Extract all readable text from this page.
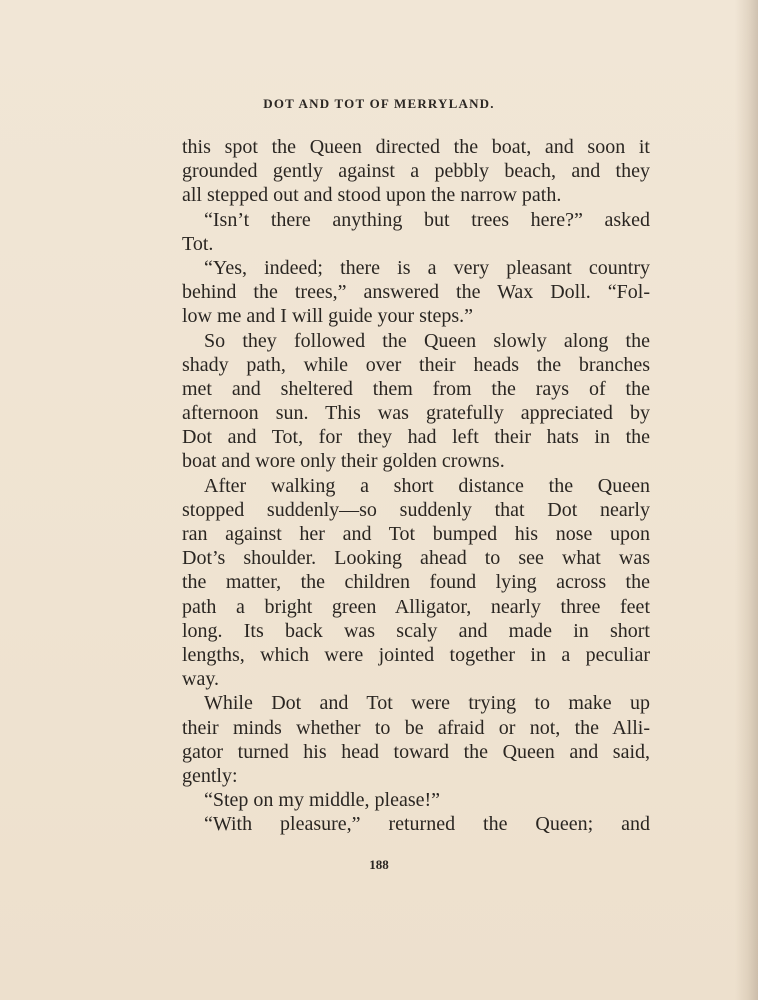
DOT AND TOT OF MERRYLAND.
this spot the Queen directed the boat, and soon it
grounded gently against a pebbly beach, and they
all stepped out and stood upon the narrow path.
“Isn’t there anything but trees here?” asked
Tot.
“Yes, indeed; there is a very pleasant country
behind the trees,” answered the Wax Doll. “Fol-
low me and I will guide your steps.”
So they followed the Queen slowly along the
shady path, while over their heads the branches
met and sheltered them from the rays of the
afternoon sun. This was gratefully appreciated by
Dot and Tot, for they had left their hats in the
boat and wore only their golden crowns.
After walking a short distance the Queen
stopped suddenly—so suddenly that Dot nearly
ran against her and Tot bumped his nose upon
Dot’s shoulder. Looking ahead to see what was
the matter, the children found lying across the
path a bright green Alligator, nearly three feet
long. Its back was scaly and made in short
lengths, which were jointed together in a peculiar
way.
While Dot and Tot were trying to make up
their minds whether to be afraid or not, the Alli-
gator turned his head toward the Queen and said,
gently:
“Step on my middle, please!”
“With pleasure,” returned the Queen; and
188
